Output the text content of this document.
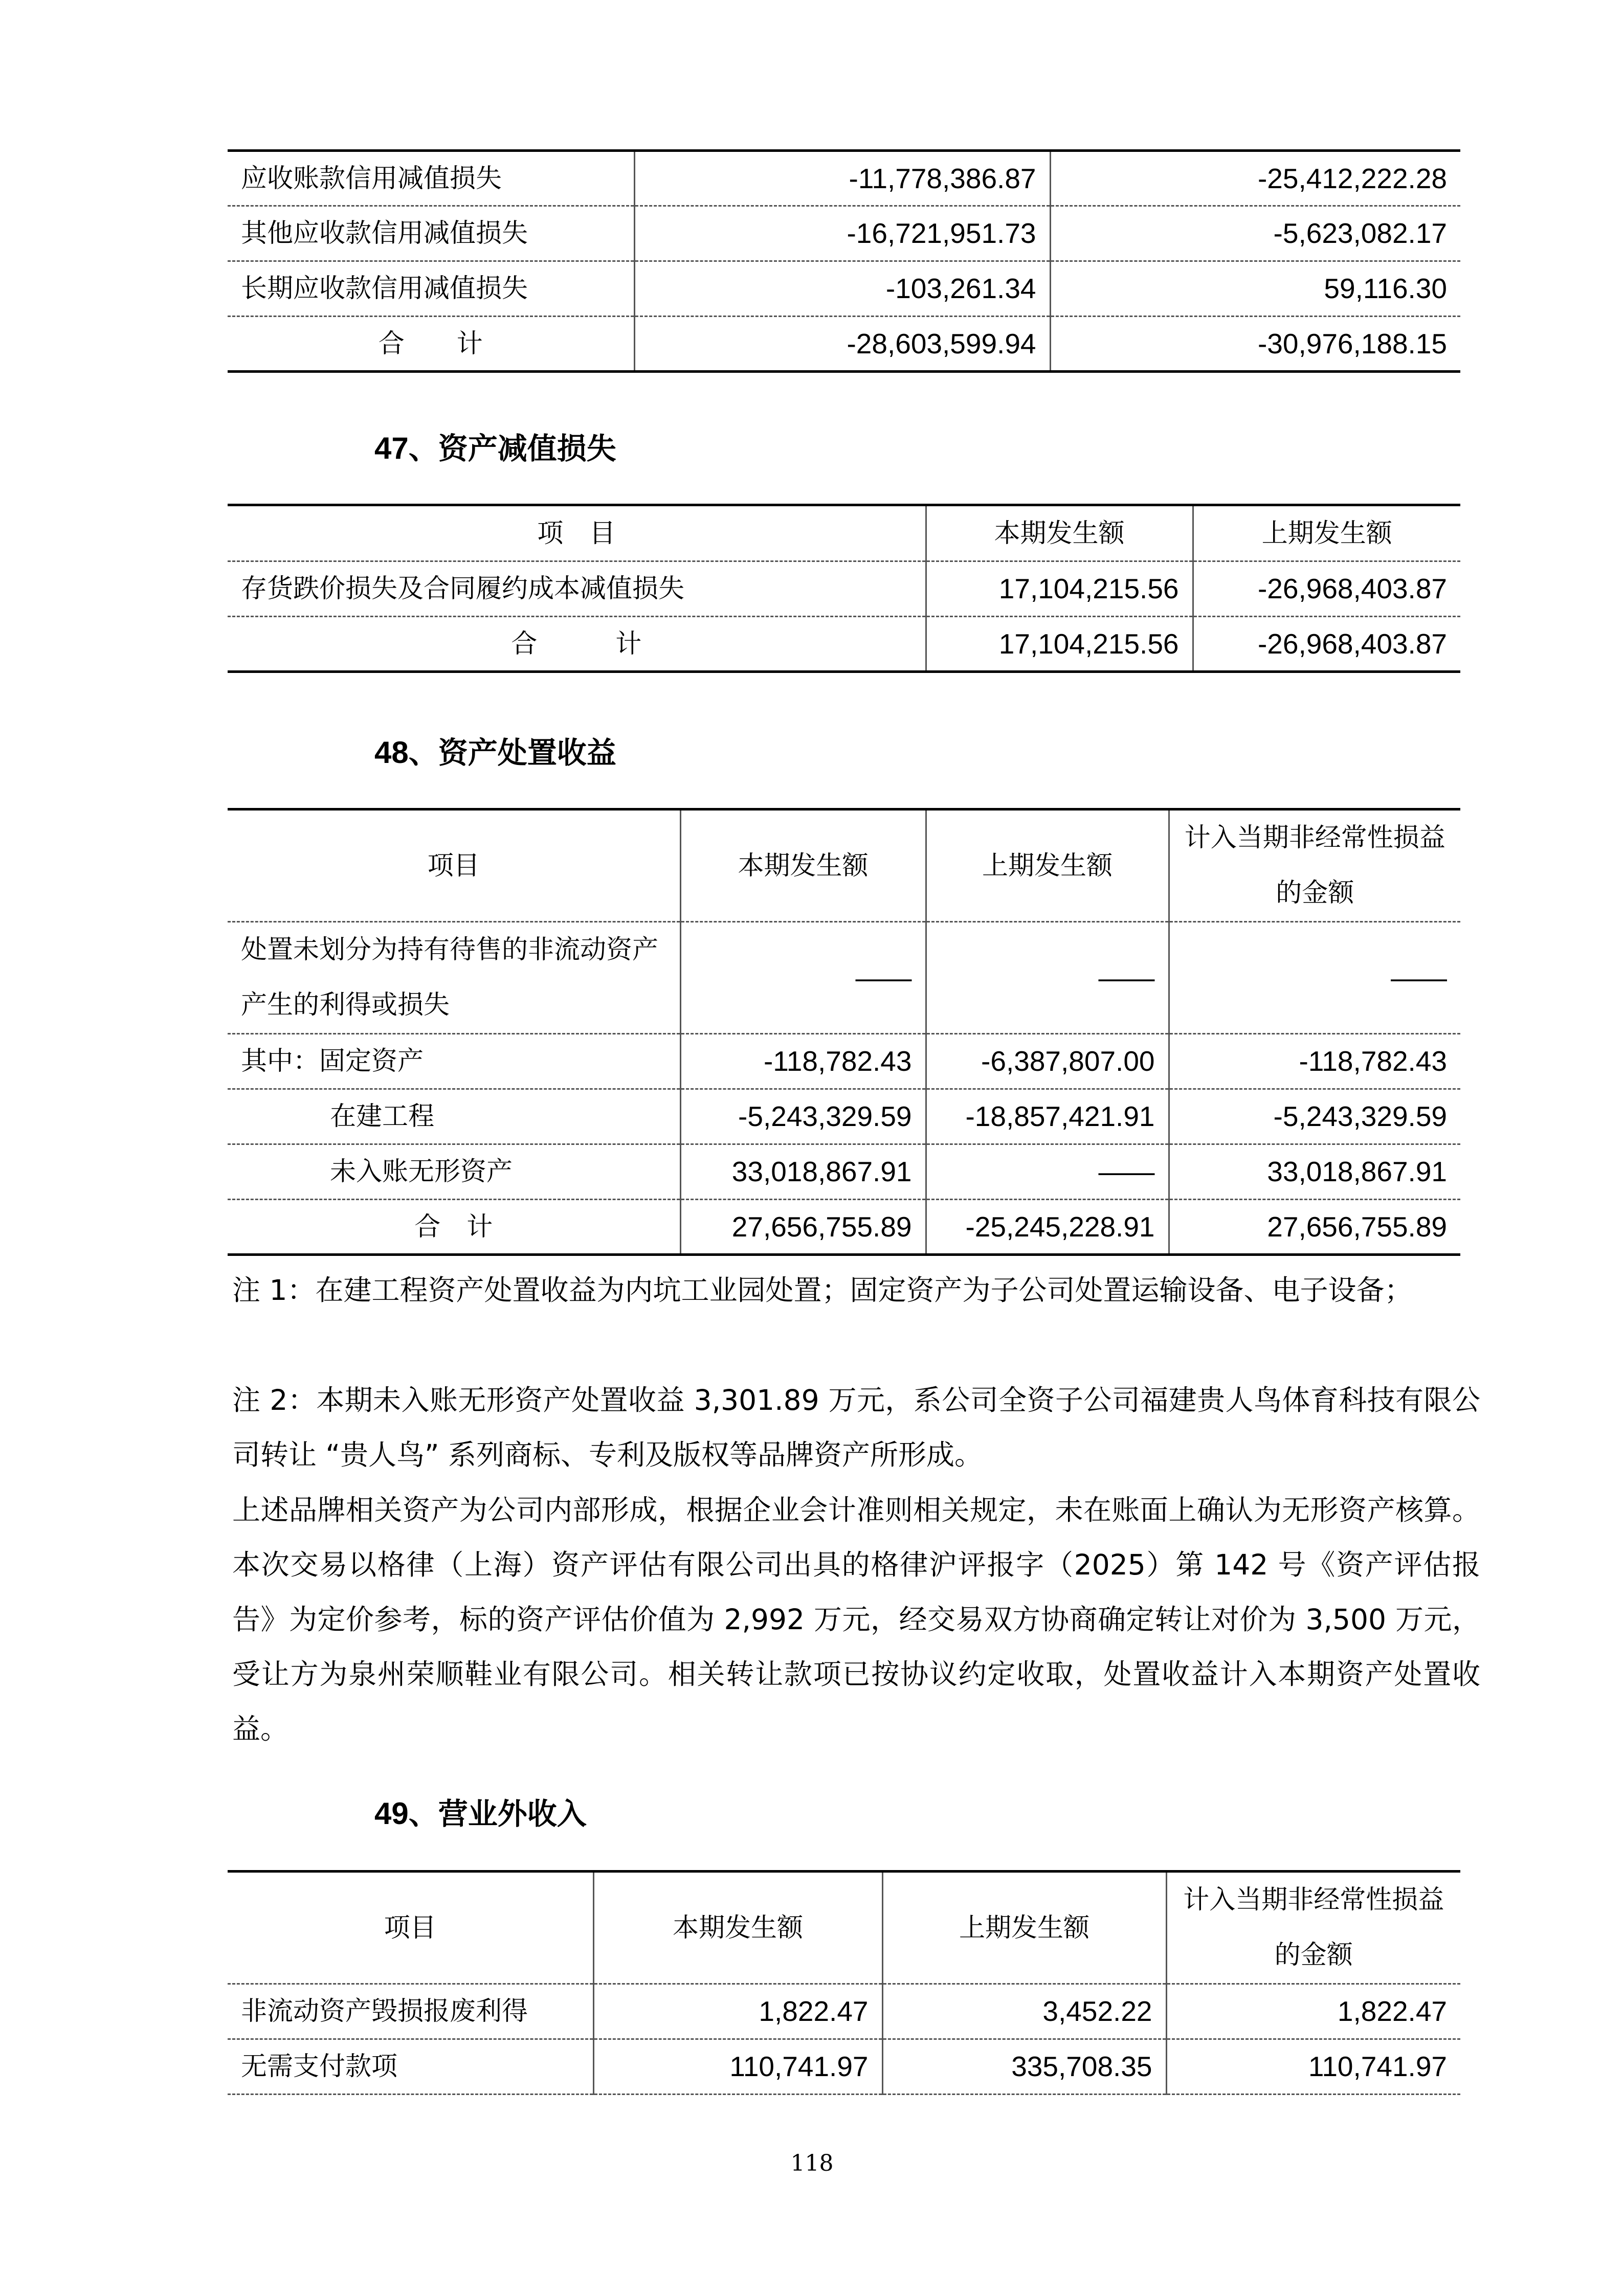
应收账款信用减值损失	-11,778,386.87	-25,412,222.28
其他应收款信用减值损失	-16,721,951.73	-5,623,082.17
长期应收款信用减值损失	-103,261.34	59,116.30
合　　计	-28,603,599.94	-30,976,188.15
47、资产减值损失
项　目	本期发生额	上期发生额
存货跌价损失及合同履约成本减值损失	17,104,215.56	-26,968,403.87
合　　　计	17,104,215.56	-26,968,403.87
48、资产处置收益
项目	本期发生额	上期发生额	计入当期非经常性损益的金额
处置未划分为持有待售的非流动资产产生的利得或损失	——	——	——
其中：固定资产	-118,782.43	-6,387,807.00	-118,782.43
在建工程	-5,243,329.59	-18,857,421.91	-5,243,329.59
未入账无形资产	33,018,867.91	——	33,018,867.91
合　计	27,656,755.89	-25,245,228.91	27,656,755.89
注 1：在建工程资产处置收益为内坑工业园处置；固定资产为子公司处置运输设备、电子设备；
注 2：本期未入账无形资产处置收益 3,301.89 万元，系公司全资子公司福建贵人鸟体育科技有限公司转让 “贵人鸟” 系列商标、专利及版权等品牌资产所形成。
上述品牌相关资产为公司内部形成，根据企业会计准则相关规定，未在账面上确认为无形资产核算。本次交易以格律（上海）资产评估有限公司出具的格律沪评报字（2025）第 142 号《资产评估报告》为定价参考，标的资产评估价值为 2,992 万元，经交易双方协商确定转让对价为 3,500 万元，受让方为泉州荣顺鞋业有限公司。相关转让款项已按协议约定收取，处置收益计入本期资产处置收益。
49、营业外收入
项目	本期发生额	上期发生额	计入当期非经常性损益的金额
非流动资产毁损报废利得	1,822.47	3,452.22	1,822.47
无需支付款项	110,741.97	335,708.35	110,741.97
118
